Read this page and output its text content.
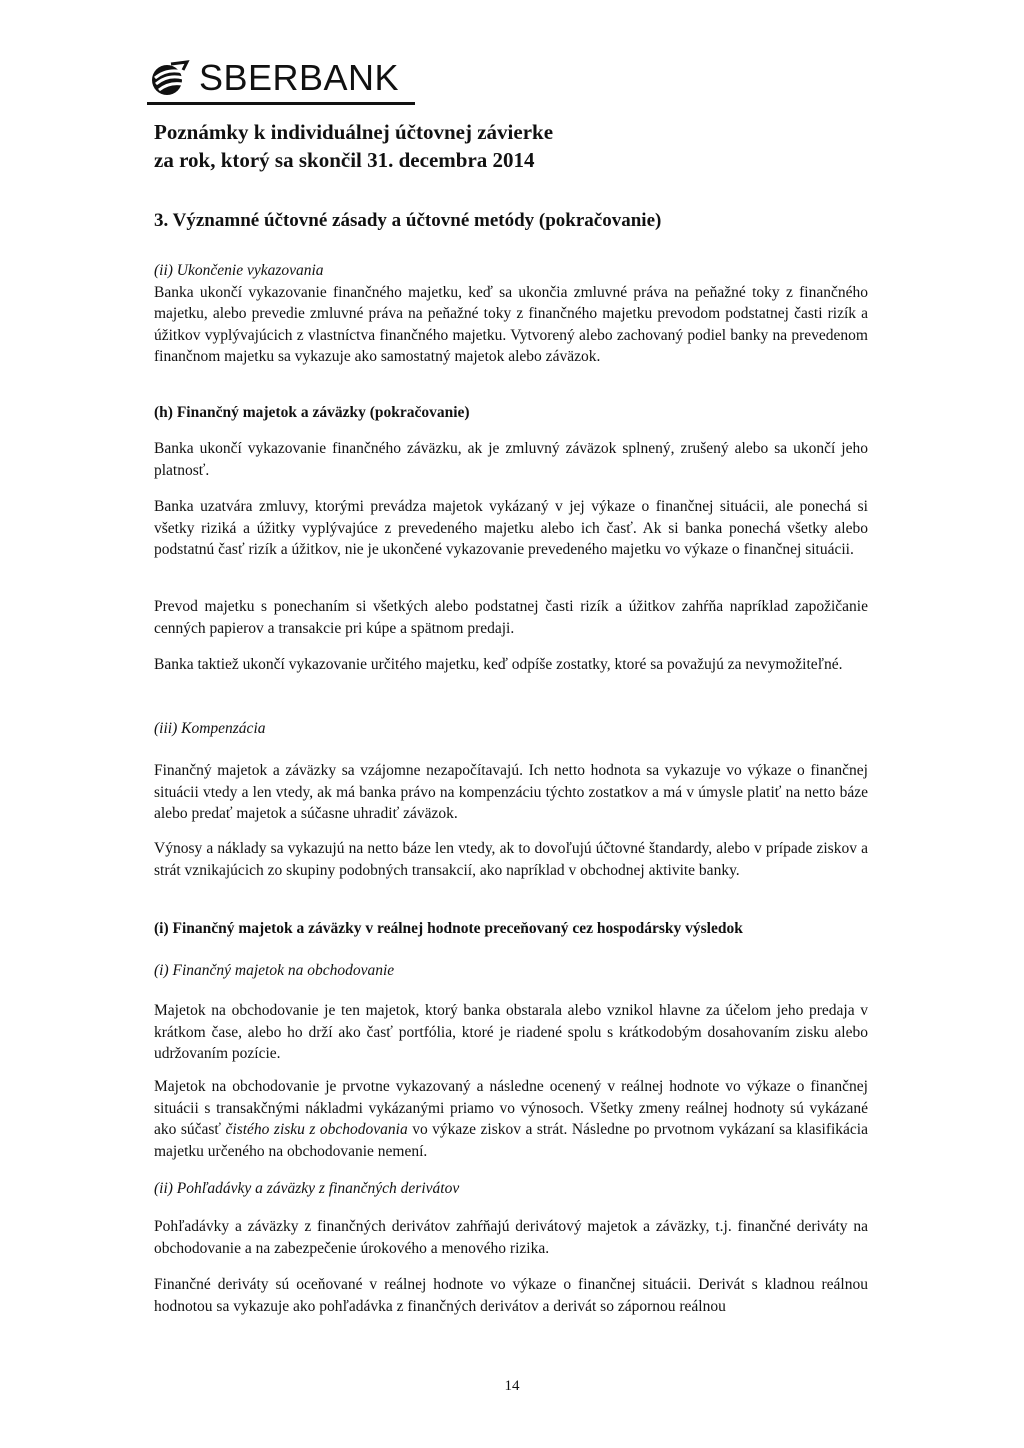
SBERBANK
Poznámky k individuálnej účtovnej závierke
za rok, ktorý sa skončil 31. decembra 2014
3. Významné účtovné zásady a účtovné metódy (pokračovanie)

(ii) Ukončenie vykazovania

Banka ukončí vykazovanie finančného majetku, keď sa ukončia zmluvné práva na peňažné toky z finančného majetku, alebo prevedie zmluvné práva na peňažné toky z finančného majetku prevodom podstatnej časti rizík a úžitkov vyplývajúcich z vlastníctva finančného majetku. Vytvorený alebo zachovaný podiel banky na prevedenom finančnom majetku sa vykazuje ako samostatný majetok alebo záväzok.

(h) Finančný majetok a záväzky (pokračovanie)

Banka ukončí vykazovanie finančného záväzku, ak je zmluvný záväzok splnený, zrušený alebo sa ukončí jeho platnosť.

Banka uzatvára zmluvy, ktorými prevádza majetok vykázaný v jej výkaze o finančnej situácii, ale ponechá si všetky riziká a úžitky vyplývajúce z prevedeného majetku alebo ich časť. Ak si banka ponechá všetky alebo podstatnú časť rizík a úžitkov, nie je ukončené vykazovanie prevedeného majetku vo výkaze o finančnej situácii.

Prevod majetku s ponechaním si všetkých alebo podstatnej časti rizík a úžitkov zahŕňa napríklad zapožičanie cenných papierov a transakcie pri kúpe a spätnom predaji.

Banka taktiež ukončí vykazovanie určitého majetku, keď odpíše zostatky, ktoré sa považujú za nevymožiteľné.

(iii) Kompenzácia

Finančný majetok a záväzky sa vzájomne nezapočítavajú. Ich netto hodnota sa vykazuje vo výkaze o finančnej situácii vtedy a len vtedy, ak má banka právo na kompenzáciu týchto zostatkov a má v úmysle platiť na netto báze alebo predať majetok a súčasne uhradiť záväzok.

Výnosy a náklady sa vykazujú na netto báze len vtedy, ak to dovoľujú účtovné štandardy, alebo v prípade ziskov a strát vznikajúcich zo skupiny podobných transakcií, ako napríklad v obchodnej aktivite banky.

(i) Finančný majetok a záväzky v reálnej hodnote preceňovaný cez hospodársky výsledok

(i) Finančný majetok na obchodovanie

Majetok na obchodovanie je ten majetok, ktorý banka obstarala alebo vznikol hlavne za účelom jeho predaja v krátkom čase, alebo ho drží ako časť portfólia, ktoré je riadené spolu s krátkodobým dosahovaním zisku alebo udržovaním pozície.

Majetok na obchodovanie je prvotne vykazovaný a následne ocenený v reálnej hodnote vo výkaze o finančnej situácii s transakčnými nákladmi vykázanými priamo vo výnosoch. Všetky zmeny reálnej hodnoty sú vykázané ako súčasť čistého zisku z obchodovania vo výkaze ziskov a strát. Následne po prvotnom vykázaní sa klasifikácia majetku určeného na obchodovanie nemení.

(ii) Pohľadávky a záväzky z finančných derivátov

Pohľadávky a záväzky z finančných derivátov zahŕňajú derivátový majetok a záväzky, t.j. finančné deriváty na obchodovanie a na zabezpečenie úrokového a menového rizika.

Finančné deriváty sú oceňované v reálnej hodnote vo výkaze o finančnej situácii. Derivát s kladnou reálnou hodnotou sa vykazuje ako pohľadávka z finančných derivátov a derivát so zápornou reálnou

14
